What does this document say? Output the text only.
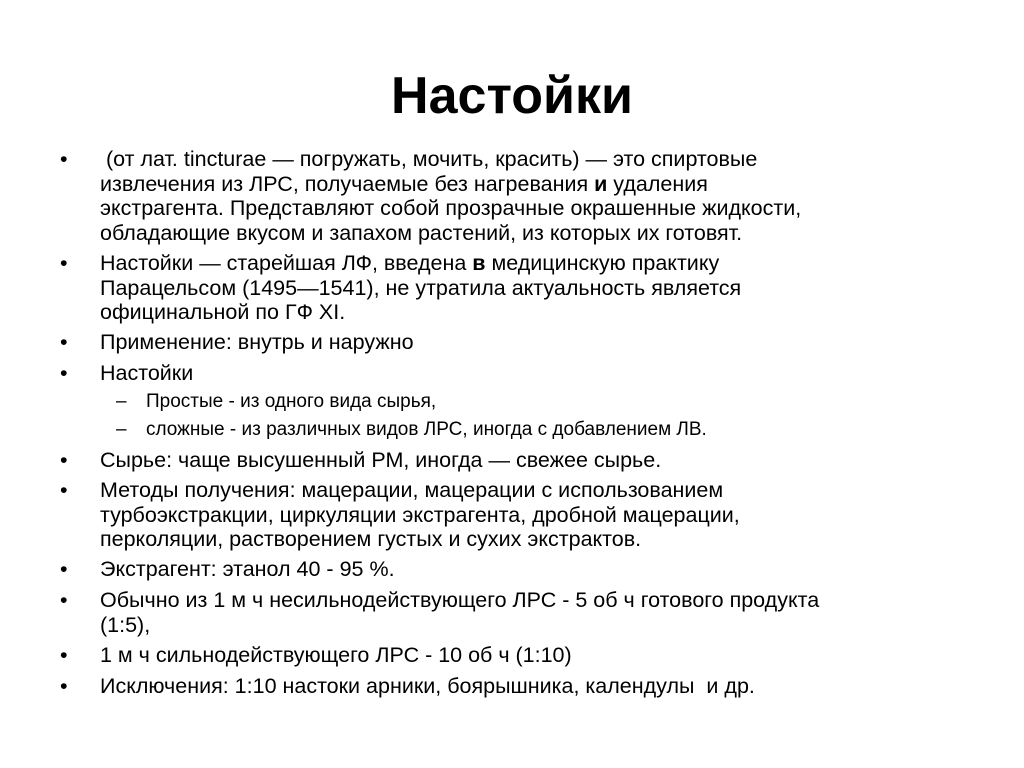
Настойки
•	(от лат. tincturae — погружать, мочить, красить) — это спиртовые
извлечения из ЛРС, получаемые без нагревания и удаления
экстрагента. Представляют собой прозрачные окрашенные жидкости,
обладающие вкусом и запахом растений, из которых их готовят.
•	Настойки — старейшая ЛФ, введена в медицинскую практику
Парацельсом (1495—1541), не утратила актуальность является
официнальной по ГФ XI.
•	Применение: внутрь и наружно
•	Настойки
– Простые - из одного вида сырья,
– сложные - из различных видов ЛРС, иногда с добавлением ЛВ.
•	Сырье: чаще высушенный РМ, иногда — свежее сырье.
•	Методы получения: мацерации, мацерации с использованием
турбоэкстракции, циркуляции экстрагента, дробной мацерации,
перколяции, растворением густых и сухих экстрактов.
•	Экстрагент: этанол 40 - 95 %.
•	Обычно из 1 м ч несильнодействующего ЛРС - 5 об ч готового продукта
(1:5),
•	1 м ч сильнодействующего ЛРС - 10 об ч (1:10)
•	Исключения: 1:10 настоки арники, боярышника, календулы  и др.
